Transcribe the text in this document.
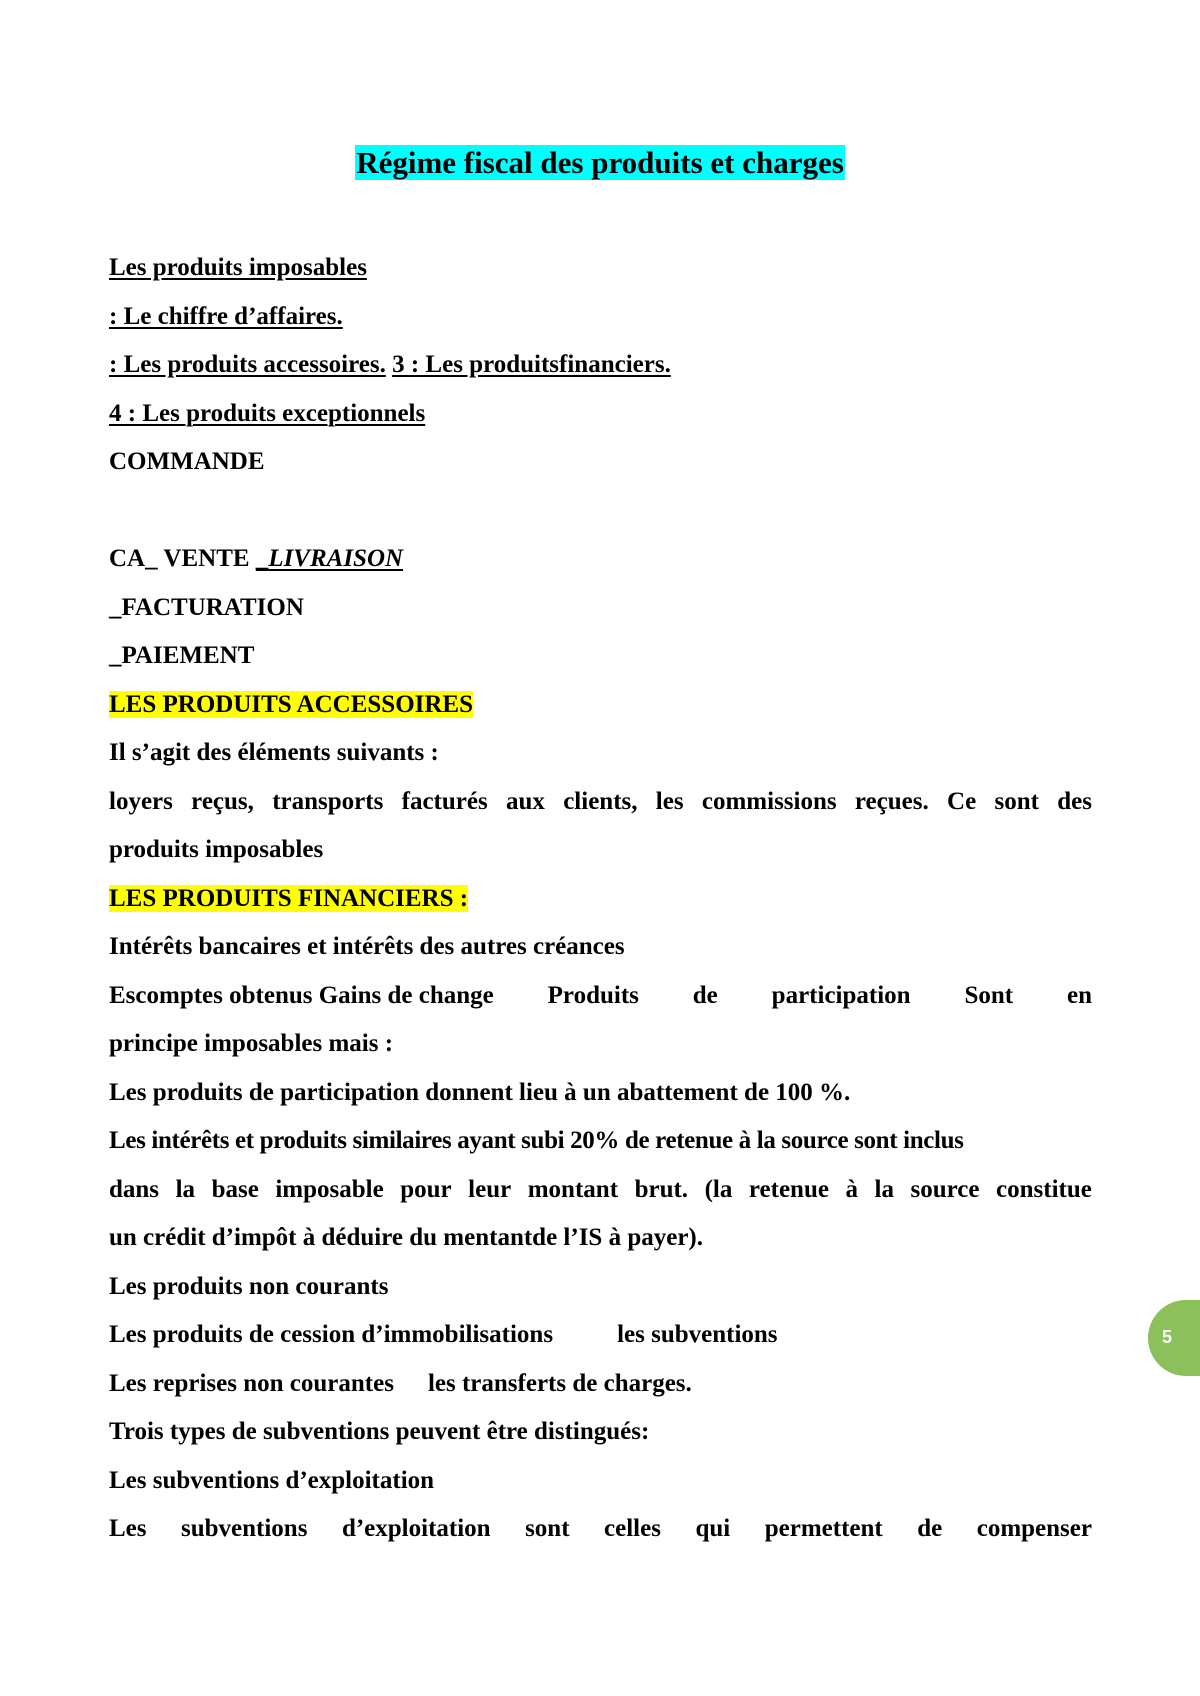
Régime fiscal des produits et charges
Les produits imposables
: Le chiffre d’affaires.
: Les produits accessoires. 3 : Les produitsfinanciers.
4 : Les produits exceptionnels
COMMANDE
CA_ VENTE _LIVRAISON
_FACTURATION
_PAIEMENT
LES PRODUITS ACCESSOIRES
Il s’agit des éléments suivants :
loyers reçus, transports facturés aux clients, les commissions reçues. Ce sont des
produits imposables
LES PRODUITS FINANCIERS :
Intérêts bancaires et intérêts des autres créances
Escomptes obtenus Gains de change Produits de participation Sont en
principe imposables mais :
Les produits de participation donnent lieu à un abattement de 100 %.
Les intérêts et produits similaires ayant subi 20% de retenue à la source sont inclus
dans la base imposable pour leur montant brut. (la retenue à la source constitue
un crédit d’impôt à déduire du mentantde l’IS à payer).
Les produits non courants
Les produits de cession d’immobilisations	les subventions
Les reprises non courantes les transferts de charges.
Trois types de subventions peuvent être distingués:
Les subventions d’exploitation
Les subventions d’exploitation sont celles qui permettent de compenser
5
